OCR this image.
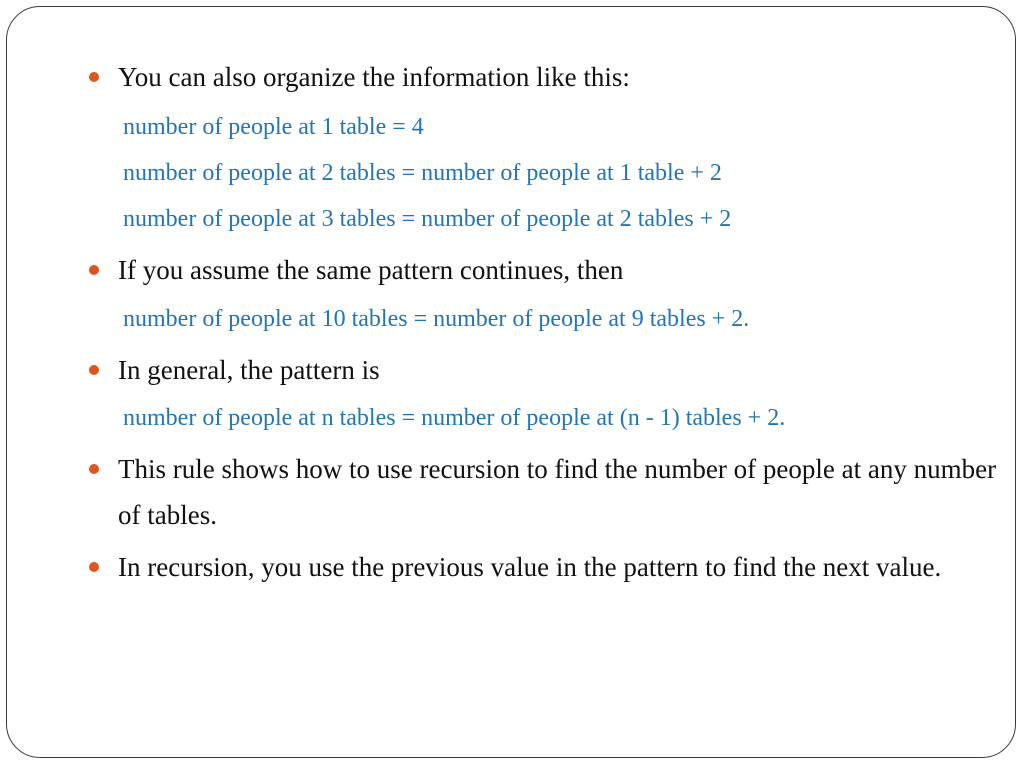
You can also organize the information like this:
number of people at 1 table = 4
number of people at 2 tables = number of people at 1 table + 2
number of people at 3 tables = number of people at 2 tables + 2
If you assume the same pattern continues, then
number of people at 10 tables = number of people at 9 tables + 2.
In general, the pattern is
number of people at n tables = number of people at (n - 1) tables + 2.
This rule shows how to use recursion to find the number of people at any number of tables.
In recursion, you use the previous value in the pattern to find the next value.
